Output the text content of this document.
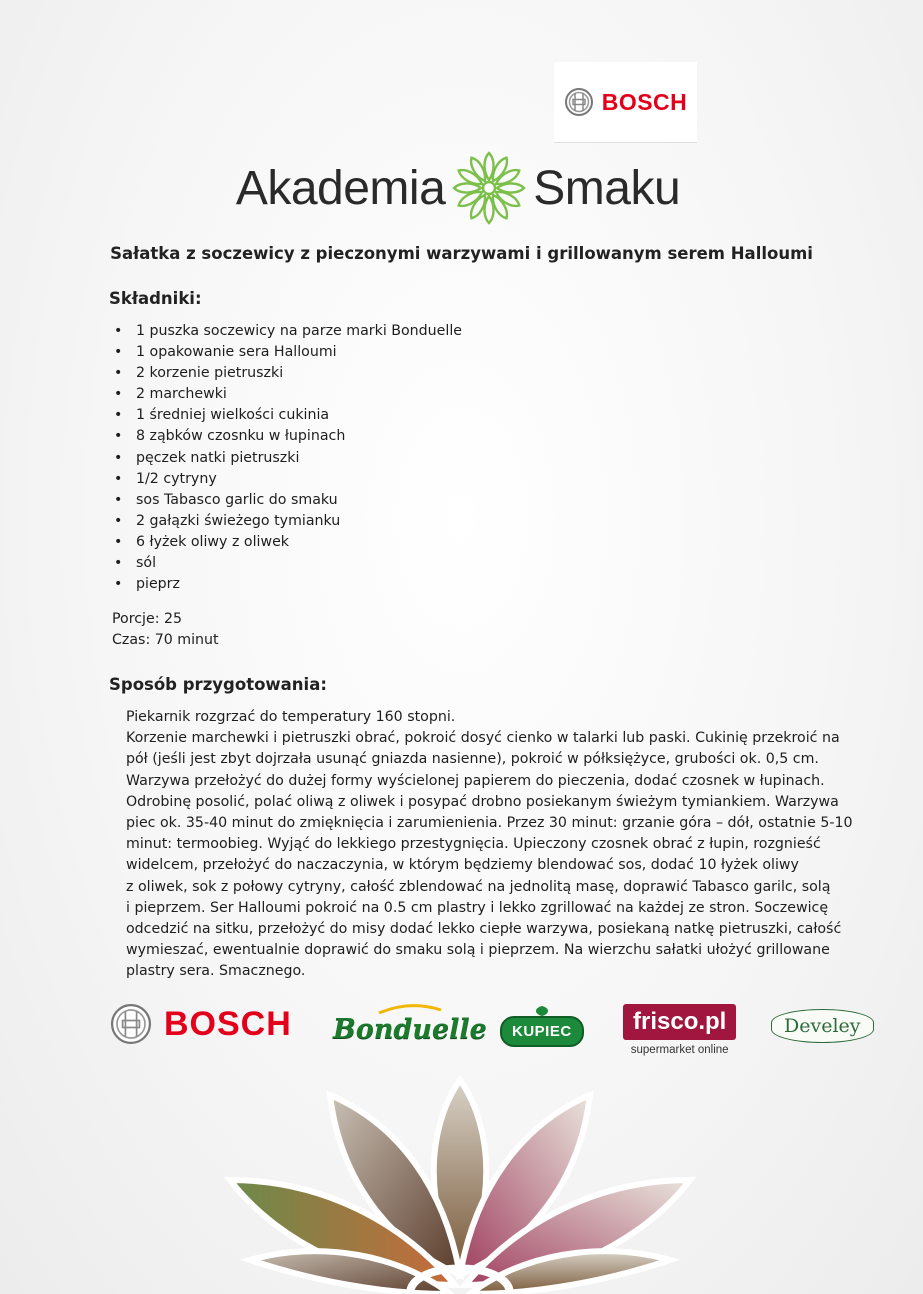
BOSCH
Akademia Smaku
Sałatka z soczewicy z pieczonymi warzywami i grillowanym serem Halloumi
Składniki:
• 1 puszka soczewicy na parze marki Bonduelle
• 1 opakowanie sera Halloumi
• 2 korzenie pietruszki
• 2 marchewki
• 1 średniej wielkości cukinia
• 8 ząbków czosnku w łupinach
• pęczek natki pietruszki
• 1/2 cytryny
• sos Tabasco garlic do smaku
• 2 gałązki świeżego tymianku
• 6 łyżek oliwy z oliwek
• sól
• pieprz
Porcje: 25
Czas: 70 minut
Sposób przygotowania:

Piekarnik rozgrzać do temperatury 160 stopni.

Korzenie marchewki i pietruszki obrać, pokroić dosyć cienko w talarki lub paski. Cukinię przekroić na

pół (jeśli jest zbyt dojrzała usunąć gniazda nasienne), pokroić w półksiężyce, grubości ok. 0,5 cm.

Warzywa przełożyć do dużej formy wyścielonej papierem do pieczenia, dodać czosnek w łupinach.

Odrobinę posolić, polać oliwą z oliwek i posypać drobno posiekanym świeżym tymiankiem. Warzywa

piec ok. 35-40 minut do zmięknięcia i zarumienienia. Przez 30 minut: grzanie góra – dół, ostatnie 5-10

minut: termoobieg. Wyjąć do lekkiego przestygnięcia. Upieczony czosnek obrać z łupin, rozgnieść

widelcem, przełożyć do naczaczynia, w którym będziemy blendować sos, dodać 10 łyżek oliwy

z oliwek, sok z połowy cytryny, całość zblendować na jednolitą masę, doprawić Tabasco garilc, solą

i pieprzem. Ser Halloumi pokroić na 0.5 cm plastry i lekko zgrillować na każdej ze stron. Soczewicę

odcedzić na sitku, przełożyć do misy dodać lekko ciepłe warzywa, posiekaną natkę pietruszki, całość

wymieszać, ewentualnie doprawić do smaku solą i pieprzem. Na wierzchu sałatki ułożyć grillowane

plastry sera. Smacznego.

BOSCH Bonduelle	KUPIEC	frisco.pl
supermarket online
Develey
